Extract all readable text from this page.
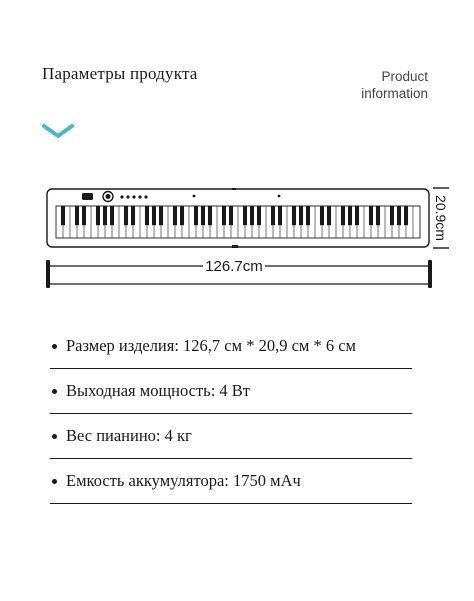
Параметры продукта	Product
information
20.9cm
126.7cm
Размер изделия: 126,7 см * 20,9 см * 6 см
Выходная мощность: 4 Вт
Вес пианино: 4 кг
Емкость аккумулятора: 1750 мАч
